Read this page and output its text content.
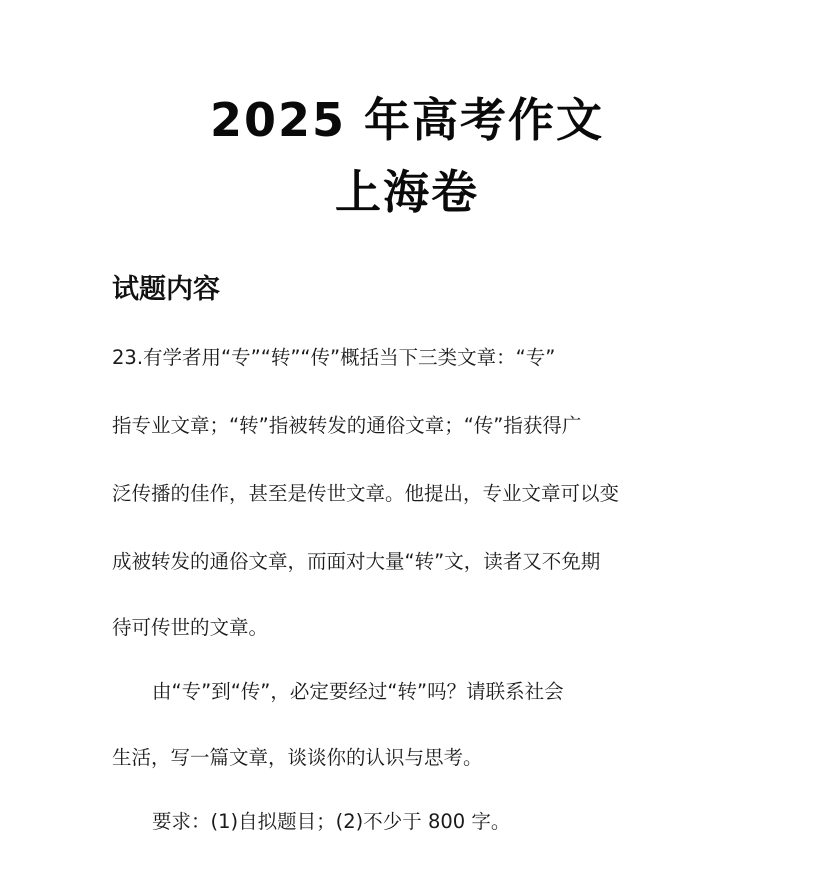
2025 年高考作文
上海卷
试题内容
23.有学者用“专”“转”“传”概括当下三类文章：“专”
指专业文章；“转”指被转发的通俗文章；“传”指获得广
泛传播的佳作，甚至是传世文章。他提出，专业文章可以变
成被转发的通俗文章，而面对大量“转”文，读者又不免期
待可传世的文章。
由“专”到“传”，必定要经过“转”吗？请联系社会
生活，写一篇文章，谈谈你的认识与思考。
要求：(1)自拟题目；(2)不少于 800 字。
